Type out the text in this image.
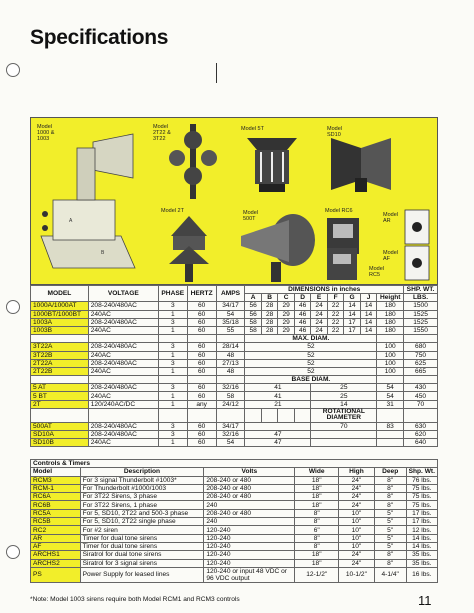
Specifications
A
B
Model
1000 &
1003
Model
2T22 &
3T22
Model 5T	Model
SD10
Model 2T	Model
500T
Model RC6
Model
AR
Model
AF
Model
RC5
MODEL	VOLTAGE	PHASE	HERTZ	AMPS	DIMENSIONS in inches									SHP. WT.
					A	B	C	D	E	F	G	J	Height	LBS.
1000A/1000AT	208-240/480AC	3	60	34/17	56	28	29	46	24	22	14	14	180	1500
1000BT/1000BT	240AC	1	60	54	56	28	29	46	24	22	14	14	180	1525
1003A	208-240/480AC	3	60	35/18	58	28	29	46	24	22	17	14	180	1525
1003B	240AC	1	60	55	58	28	29	46	24	22	17	14	180	1550
					MAX. DIAM.									
3T22A	208-240/480AC	3	60	28/14	52								100	680
3T22B	240AC	1	60	48	52								100	750
2T22A	208-240/480AC	3	60	27/13	52								100	625
2T22B	240AC	1	60	48	52								100	665
					BASE DIAM.									
5 AT	208-240/480AC	3	60	32/16	41				25				54	430
5 BT	240AC	1	60	58	41				25				54	450
2T	120/240AC/DC	1	any	24/12	21				14				31	70
									ROTATIONAL
DIAMETER					
500AT	208-240/480AC	3	60	34/17					70				83	630
SD10A	208-240/480AC	3	60	32/16	47									620
SD10B	240AC	1	60	54	47									640
Controls & Timers						
Model	Description	Volts	Wide	High	Deep	Shp. Wt.
RCM3	For 3 signal Thunderbolt #1003*	208-240 or 480	18"	24"	8"	76 lbs.
RCM-1	For Thunderbolt #1000/1003	208-240 or 480	18"	24"	8"	75 lbs.
RC6A	For 3T22 Sirens, 3 phase	208-240 or 480	18"	24"	8"	75 lbs.
RC6B	For 3T22 Sirens, 1 phase	240	18"	24"	8"	75 lbs.
RC5A	For 5, SD10, 2T22 and 500-3 phase	208-240 or 480	8"	10"	5"	17 lbs.
RC5B	For 5, SD10, 2T22 single phase	240	8"	10"	5"	17 lbs.
RC2	For #2 siren	120-240	6"	10"	5"	12 lbs.
AR	Timer for dual tone sirens	120-240	8"	10"	5"	14 lbs.
AF	Timer for dual tone sirens	120-240	8"	10"	5"	14 lbs.
ARCHS1	Siratrol for dual tone sirens	120-240	18"	24"	8"	35 lbs.
ARCHS2	Siratrol for 3 signal sirens	120-240	18"	24"	8"	35 lbs.
PS	Power Supply for leased lines	120-240 or input 48 VDC or 96 VDC output	12-1/2"	10-1/2"	4-1/4"	16 lbs.
*Note: Model 1003 sirens require both Model RCM1 and RCM3 controls	11
